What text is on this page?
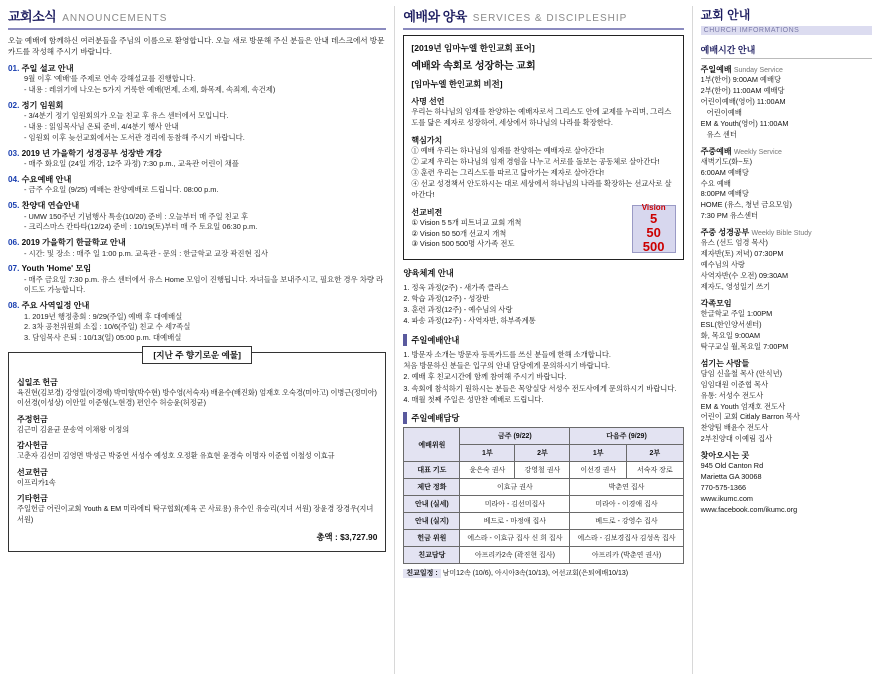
교회소식 ANNOUNCEMENTS
오늘 예배에 함께하신 여러분들을 주님의 이름으로 환영합니다. 오늘 새로 방문해 주신 분들은 안내 데스크에서 방문카드를 작성해 주시기 바랍니다.
01. 주일 설교 안내
9월 이후 '예배'를 주제로 연속 강해설교를 진행합니다.
- 내용 : 레위기에 나오는 5가지 거룩한 예배(번제, 소제, 화목제, 속죄제, 속건제)
02. 정기 임원회
- 3/4분기 정기 임원회의가 오늘 친교 후 유스 센터에서 모입니다.
- 내용 : 읽임목사님 온퇴 준비, 4/4분기 행사 안내
- 임원회 이후 늦선교회에서는 도서관 경리에 동참해 주시기 바랍니다.
03. 2019 년 가을학기 성경공부 성장반 개강
- 매주 화요일 (24일 개강, 12주 과정) 7:30 p.m., 교육관 어린이 채플
04. 수요예배 안내
- 금주 수요일 (9/25) 예배는 찬양예배로 드립니다. 08:00 p.m.
05. 찬양대 연습안내
- UMW 150주년 기념행사 특송(10/20) 준비 : 오늘부터 매 주일 친교 후
- 크리스마스 칸타타(12/24) 준비 : 10/19(토)부터 매 주 토요일 06:30 p.m.
06. 2019 가을학기 한글학교 안내
- 시간: 및 장소 : 매주 일 1:00 p.m. 교육관 - 문의 : 한글학교 교장 곽진현 집사
07. Youth 'Home' 모임
- 매주 금요일 7:30 p.m. 유스 센터에서 유스 Home 모임이 진행됩니다. 자녀들을 보내주시고, 필요한 경우 차량 라이드도 가능합니다.
08. 주요 사역일정 안내
1. 2019년 행정총회 : 9/29(주일) 예배 후 대예배실
2. 3차 공천위원회 소집 : 10/6(주일) 친교 수 세7족실
3. 담임목사 은퇴 : 10/13(일) 05:00 p.m. 대예배실
[지난 주 향기로운 예물]
십일조 헌금
육진현(김보경) 강영일(이경애) 박미향(박수현) 방수영(서숙자) 배윤수(배진화) 엄재호 오숙경(미아고) 이병근(정미아) 이선경(이성상) 이안일 이준형(노현경) 편인수 허승윤(허정균)
주정헌금
김근미 김윤균 문송역 이채왕 이정의
감사헌금
고춘자 김선미 김영면 박성근 박중연 서성수 예성호 오정환 유효현 윤경숙 이명자 이준협 이철성 이효규
선교헌금
이프리카1속
기타헌금
주일헌금 어린이교회 Youth & EM 미라에티 탁구협회(제육 곤 사료용) 유수인 유승리(지녀 서원) 장윤경 장경우(지녀 서원)
총액 : $3,727.90
예배와 양육 SERVICES & DISCIPLESHIP
[2019년 임마누엘 한인교회 표어]
예배와 속회로 성장하는 교회
[임마누엘 한인교회 비전]
사명 선언
우리는 하나님의 임재를 찬양하는 예배자로서 그리스도 안에 교제를 누리며, 그리스도를 닮은 제자로 성장하여, 세상에서 하나님의 나라를 확장한다.
핵심가치
① 예배 우리는 하나님의 임재를 찬양하는 예배자로 살아간다!
② 교제 우리는 하나님의 임재 경험을 나누고 서로를 돌보는 공동체로 살아간다!
③ 훈련 우리는 그리스도를 따르고 닮아가는 제자로 살아간다!
④ 선교 성경책서 안도하시는 대로 세상에서 하나님의 나라를 확장하는 선교사로 살아간다!
선교비전
① Vision 5 5개 피트녀교 교회 개척
② Vision 50 50개 선교지 개척
③ Vision 500 500명 사가족 전도
Vision
5
50
500
양육체계 안내
1. 정욱 과정(2주) - 새가족 클라스
2. 학습 과정(12주) - 성장반
3. 훈련 과정(12주) - 예수님의 사랑
4. 파송 과정(12주) - 사역자반, 하부족계통
주일예배안내
1. 방문자 소개는 방문자 등록카드를 쓰신 분들에 한해 소개합니다.
처음 방문하신 분들은 입구의 안내 담당에게 문의하시기 바랍니다.
2. 예배 후 친교시간에 함께 참여해 주시기 바랍니다.
3. 속회에 참석하기 원하시는 분들은 목양실당 서성수 전도사에게 문의하시기 바랍니다.
4. 매월 첫째 주일은 성만찬 예배로 드립니다.
주일예배담당
예배위원	금주 (9/22)		다음주 (9/29)	
	1부	2부	1부	2부
대표 기도	윤은숙 권사	강영철 권사	이선경 권사	서숙자 장로
제단 정화	이효규 권사		박춘연 집사	
안내 (실세)	미라아 - 김선미집사		미라아 - 이경애 집사	
안내 (실지)	베드로 - 마정애 집사		베드로 - 강영수 집사	
헌금 위원	에스라 - 이효규 집사 신 희 집사		에스라 - 김보경집사 김성옥 집사	
친교담당	아프리카2속 (곽진현 집사)		아프리카 (박춘연 권사)	
친교일정 : 남미12속 (10/6), 아시아3속(10/13), 여선교회(은퇴예배10/13)
교회 안내
CHURCH IMFORMATIONS
예배시간 안내
주일예배 Sunday Service
1부(한어) 9:00AM 예배당
2부(한어) 11:00AM 예배당
어린이예배(영어) 11:00AM
어린이예배
EM & Youth(영어) 11:00AM
유스 센터
주중예배 Weekly Service
새벽기도(화~토)
6:00AM 예배당
수요 예배
8:00PM 예배당
HOME (유스, 청년 금요모임)
7:30 PM 유스센터
주중 성경공부 Weekly Bible Study
유스 (선드 엄경 목사)
제자반(토) 저녁) 07:30PM
예수님의 사랑
사역자반(수 오전) 09:30AM
제자도, 영성일기 쓰기
각족모임
한글학교 주일 1:00PM
ESL(한인양서센터)
화, 목요일 9:00AM
탁구교실 월,목요일 7:00PM
섬기는 사람들
담임 신을철 목사 (안식년)
임임대원 이준협 목사
유통: 서성수 전도사
EM & Youth 엄재호 전도사
어린이 교회 Citlaly Barron 목사
찬양팀 배윤수 전도사
2부친양대 이예림 집사
찾아오시는 곳
945 Old Canton Rd
Marietta GA 30068
770-575-1366
www.ikumc.com
www.facebook.com/ikumc.org
